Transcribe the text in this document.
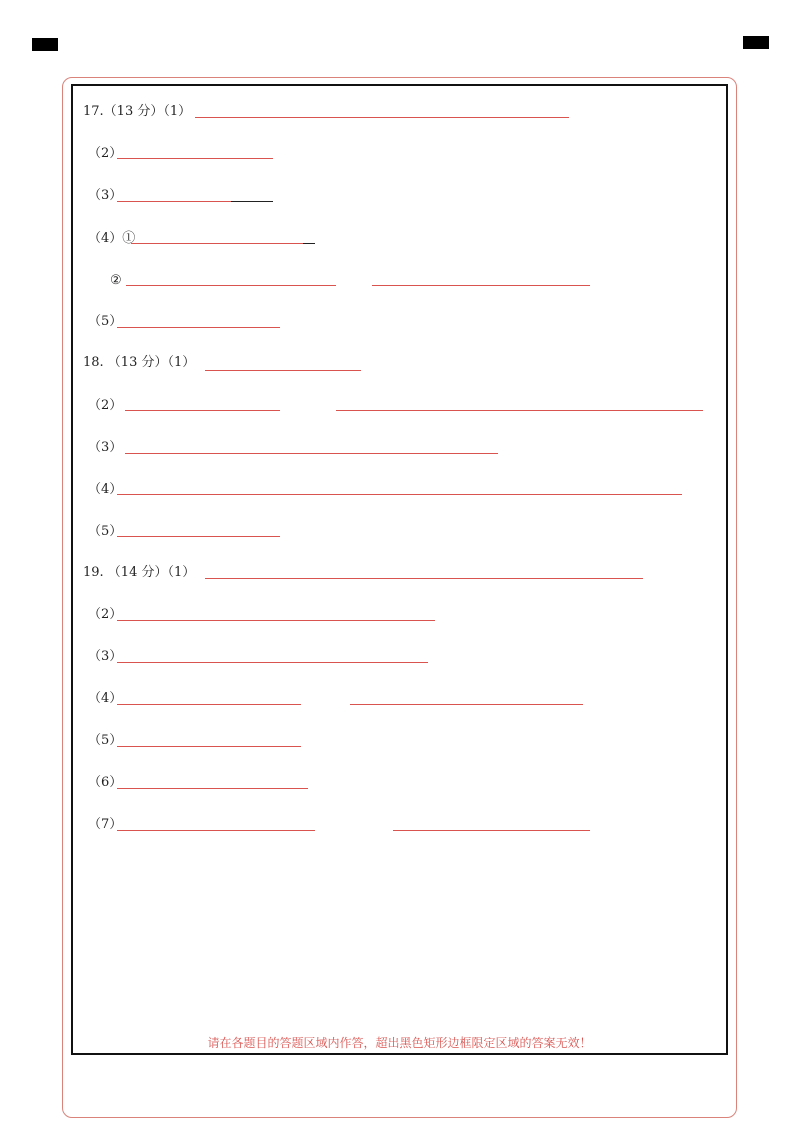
17.（13 分）（1）
（2）
（3）
（4）①
②
（5）
18. （13 分）（1）
（2）
（3）
（4）
（5）
19. （14 分）（1）
（2）
（3）
（4）
（5）
（6）
（7）
请在各题目的答题区域内作答，超出黑色矩形边框限定区域的答案无效！
